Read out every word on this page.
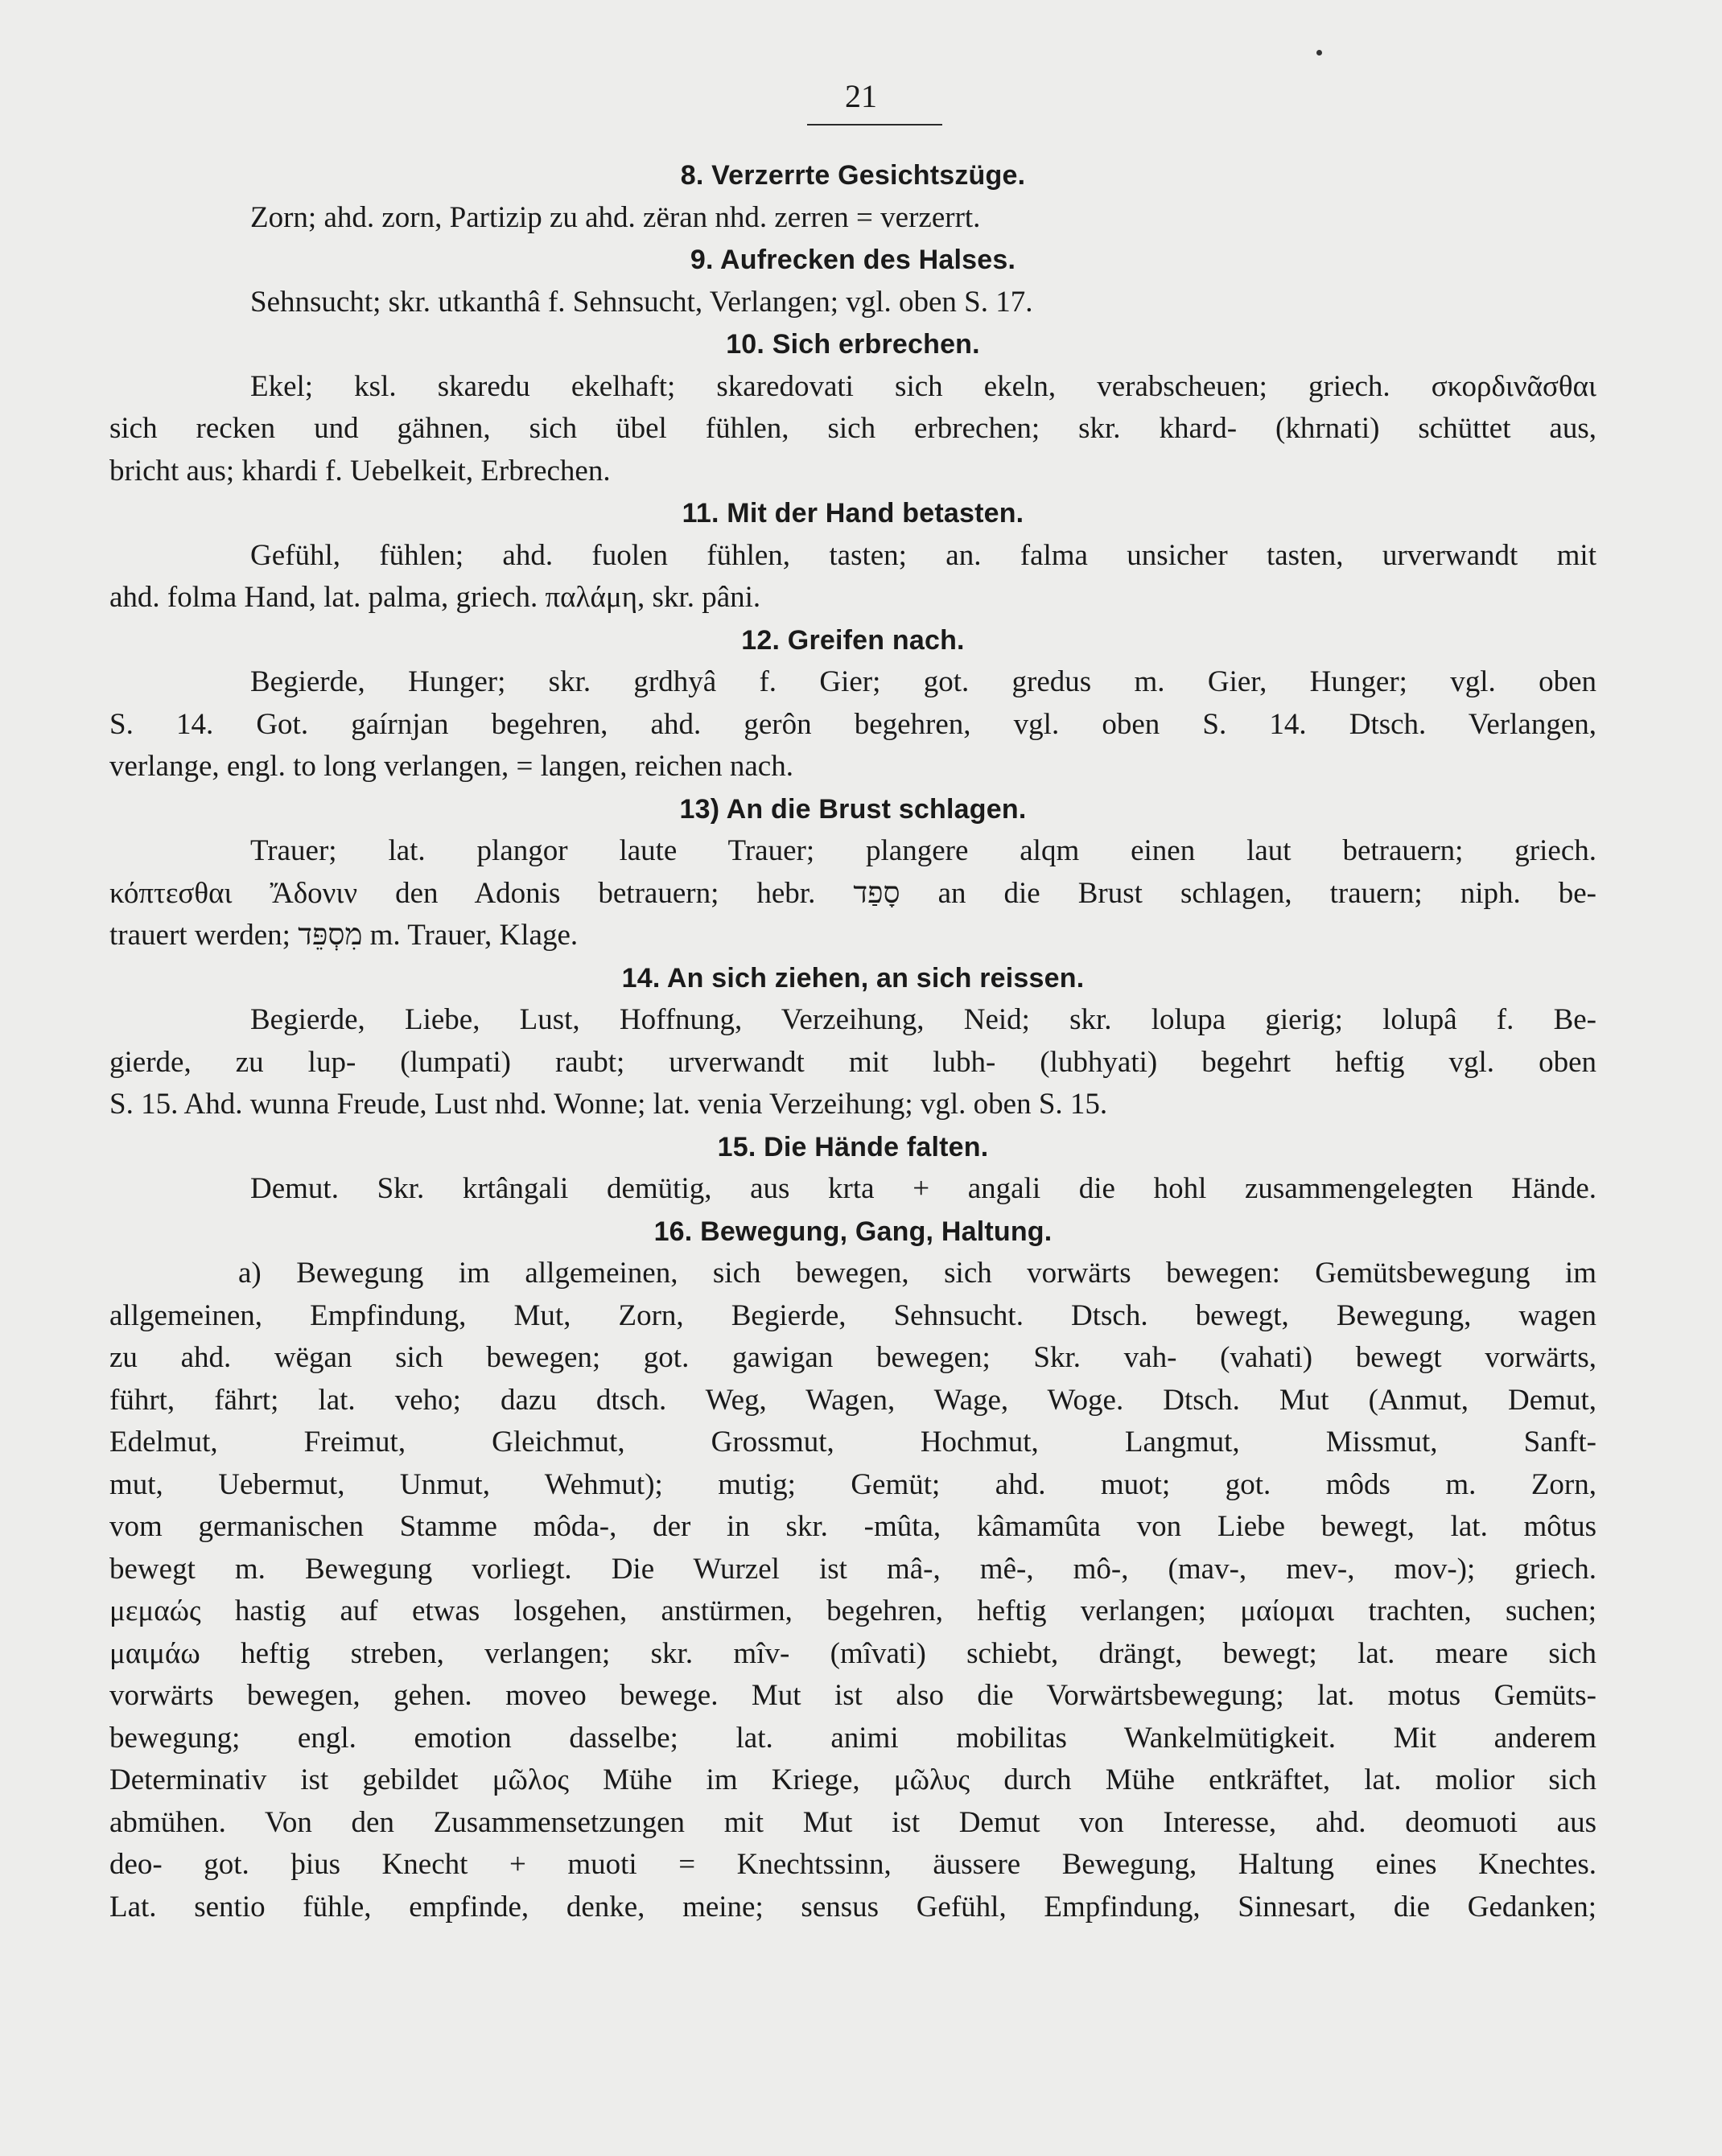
21
8. Verzerrte Gesichtszüge.
Zorn; ahd. zorn, Partizip zu ahd. zëran nhd. zerren = verzerrt.
9. Aufrecken des Halses.
Sehnsucht; skr. utkanthâ f. Sehnsucht, Verlangen; vgl. oben S. 17.
10. Sich erbrechen.
Ekel; ksl. skaredu ekelhaft; skaredovati sich ekeln, verabscheuen; griech. σκορδινᾶσθαι
sich recken und gähnen, sich übel fühlen, sich erbrechen; skr. khard- (khrnati) schüttet aus,
bricht aus; khardi f. Uebelkeit, Erbrechen.
11. Mit der Hand betasten.
Gefühl, fühlen; ahd. fuolen fühlen, tasten; an. falma unsicher tasten, urverwandt mit
ahd. folma Hand, lat. palma, griech. παλάμη, skr. pâni.
12. Greifen nach.
Begierde, Hunger; skr. grdhyâ f. Gier; got. gredus m. Gier, Hunger; vgl. oben
S. 14. Got. gaírnjan begehren, ahd. gerôn begehren, vgl. oben S. 14. Dtsch. Verlangen,
verlange, engl. to long verlangen, = langen, reichen nach.
13) An die Brust schlagen.
Trauer; lat. plangor laute Trauer; plangere alqm einen laut betrauern; griech.
κόπτεσθαι Ἄδονιν den Adonis betrauern; hebr. סָפַד an die Brust schlagen, trauern; niph. be-
trauert werden; מִסְפֵּד m. Trauer, Klage.
14. An sich ziehen, an sich reissen.
Begierde, Liebe, Lust, Hoffnung, Verzeihung, Neid; skr. lolupa gierig; lolupâ f. Be-
gierde, zu lup- (lumpati) raubt; urverwandt mit lubh- (lubhyati) begehrt heftig vgl. oben
S. 15. Ahd. wunna Freude, Lust nhd. Wonne; lat. venia Verzeihung; vgl. oben S. 15.
15. Die Hände falten.
Demut. Skr. krtângali demütig, aus krta + angali die hohl zusammengelegten Hände.
16. Bewegung, Gang, Haltung.
a) Bewegung im allgemeinen, sich bewegen, sich vorwärts bewegen: Gemütsbewegung im
allgemeinen, Empfindung, Mut, Zorn, Begierde, Sehnsucht. Dtsch. bewegt, Bewegung, wagen
zu ahd. wëgan sich bewegen; got. gawigan bewegen; Skr. vah- (vahati) bewegt vorwärts,
führt, fährt; lat. veho; dazu dtsch. Weg, Wagen, Wage, Woge. Dtsch. Mut (Anmut, Demut,
Edelmut, Freimut, Gleichmut, Grossmut, Hochmut, Langmut, Missmut, Sanft-
mut, Uebermut, Unmut, Wehmut); mutig; Gemüt; ahd. muot; got. môds m. Zorn,
vom germanischen Stamme môda-, der in skr. -mûta, kâmamûta von Liebe bewegt, lat. môtus
bewegt m. Bewegung vorliegt. Die Wurzel ist mâ-, mê-, mô-, (mav-, mev-, mov-); griech.
μεμαώς hastig auf etwas losgehen, anstürmen, begehren, heftig verlangen; μαίομαι trachten, suchen;
μαιμάω heftig streben, verlangen; skr. mîv- (mîvati) schiebt, drängt, bewegt; lat. meare sich
vorwärts bewegen, gehen. moveo bewege. Mut ist also die Vorwärtsbewegung; lat. motus Gemüts-
bewegung; engl. emotion dasselbe; lat. animi mobilitas Wankelmütigkeit. Mit anderem
Determinativ ist gebildet μῶλος Mühe im Kriege, μῶλυς durch Mühe entkräftet, lat. molior sich
abmühen. Von den Zusammensetzungen mit Mut ist Demut von Interesse, ahd. deomuoti aus
deo- got. þius Knecht + muoti = Knechtssinn, äussere Bewegung, Haltung eines Knechtes.
Lat. sentio fühle, empfinde, denke, meine; sensus Gefühl, Empfindung, Sinnesart, die Gedanken;
